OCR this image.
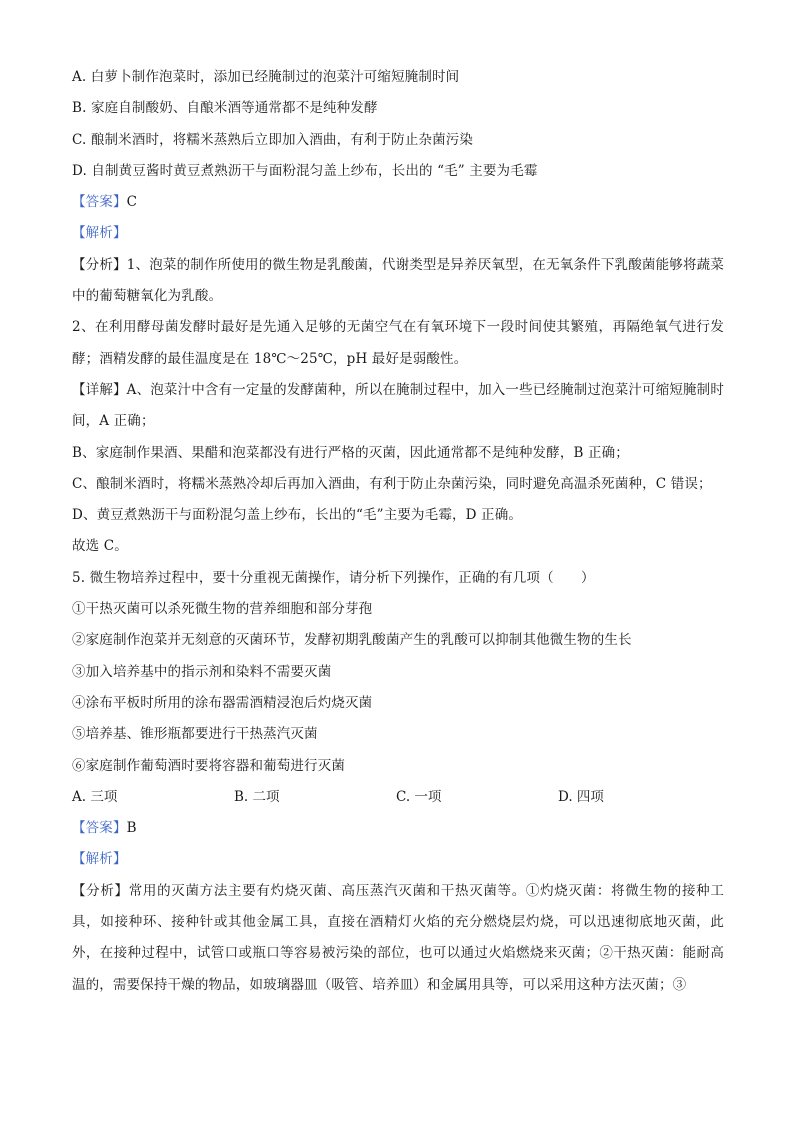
A. 白萝卜制作泡菜时，添加已经腌制过的泡菜汁可缩短腌制时间

B. 家庭自制酸奶、自酿米酒等通常都不是纯种发酵

C. 酿制米酒时，将糯米蒸熟后立即加入酒曲，有利于防止杂菌污染

D. 自制黄豆酱时黄豆煮熟沥干与面粉混匀盖上纱布，长出的 “毛” 主要为毛霉

【答案】C

【解析】

【分析】1、泡菜的制作所使用的微生物是乳酸菌，代谢类型是异养厌氧型，在无氧条件下乳酸菌能够将蔬菜中的葡萄糖氧化为乳酸。

2、在利用酵母菌发酵时最好是先通入足够的无菌空气在有氧环境下一段时间使其繁殖，再隔绝氧气进行发酵；酒精发酵的最佳温度是在 18℃～25℃，pH 最好是弱酸性。

【详解】A、泡菜汁中含有一定量的发酵菌种，所以在腌制过程中，加入一些已经腌制过泡菜汁可缩短腌制时间，A 正确；

B、家庭制作果酒、果醋和泡菜都没有进行严格的灭菌，因此通常都不是纯种发酵，B 正确；

C、酿制米酒时，将糯米蒸熟冷却后再加入酒曲，有利于防止杂菌污染，同时避免高温杀死菌种，C 错误；

D、黄豆煮熟沥干与面粉混匀盖上纱布，长出的“毛”主要为毛霉，D 正确。

故选 C。

5. 微生物培养过程中，要十分重视无菌操作，请分析下列操作，正确的有几项（　　）

①干热灭菌可以杀死微生物的营养细胞和部分芽孢

②家庭制作泡菜并无刻意的灭菌环节，发酵初期乳酸菌产生的乳酸可以抑制其他微生物的生长

③加入培养基中的指示剂和染料不需要灭菌

④涂布平板时所用的涂布器需酒精浸泡后灼烧灭菌

⑤培养基、锥形瓶都要进行干热蒸汽灭菌

⑥家庭制作葡萄酒时要将容器和葡萄进行灭菌

A. 三项	B. 二项	C. 一项	D. 四项

【答案】B

【解析】

【分析】常用的灭菌方法主要有灼烧灭菌、高压蒸汽灭菌和干热灭菌等。①灼烧灭菌：将微生物的接种工具，如接种环、接种针或其他金属工具，直接在酒精灯火焰的充分燃烧层灼烧，可以迅速彻底地灭菌，此外，在接种过程中，试管口或瓶口等容易被污染的部位，也可以通过火焰燃烧来灭菌；②干热灭菌：能耐高温的，需要保持干燥的物品，如玻璃器皿（吸管、培养皿）和金属用具等，可以采用这种方法灭菌；③
